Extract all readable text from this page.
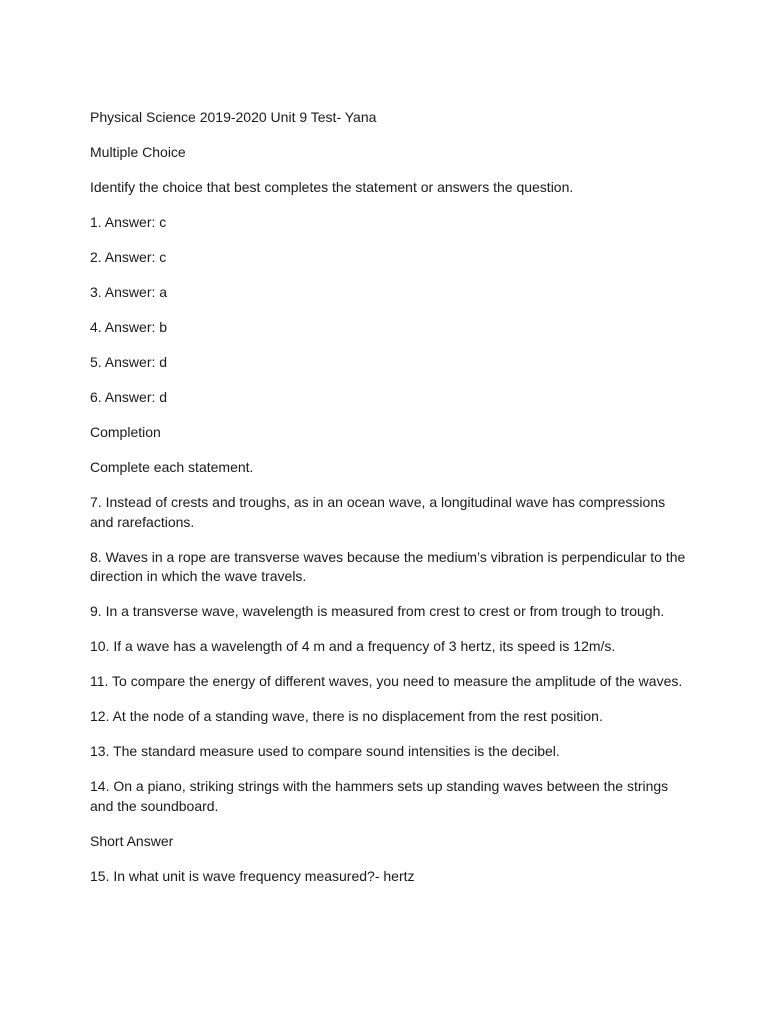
Physical Science 2019-2020 Unit 9 Test- Yana
Multiple Choice
Identify the choice that best completes the statement or answers the question.
1. Answer: c
2. Answer: c
3. Answer: a
4. Answer: b
5. Answer: d
6. Answer: d
Completion
Complete each statement.
7. Instead of crests and troughs, as in an ocean wave, a longitudinal wave has compressions and rarefactions.
8. Waves in a rope are transverse waves because the medium’s vibration is perpendicular to the direction in which the wave travels.
9. In a transverse wave, wavelength is measured from crest to crest or from trough to trough.
10. If a wave has a wavelength of 4 m and a frequency of 3 hertz, its speed is 12m/s.
11. To compare the energy of different waves, you need to measure the amplitude of the waves.
12. At the node of a standing wave, there is no displacement from the rest position.
13. The standard measure used to compare sound intensities is the decibel.
14. On a piano, striking strings with the hammers sets up standing waves between the strings and the soundboard.
Short Answer
15. In what unit is wave frequency measured?- hertz
